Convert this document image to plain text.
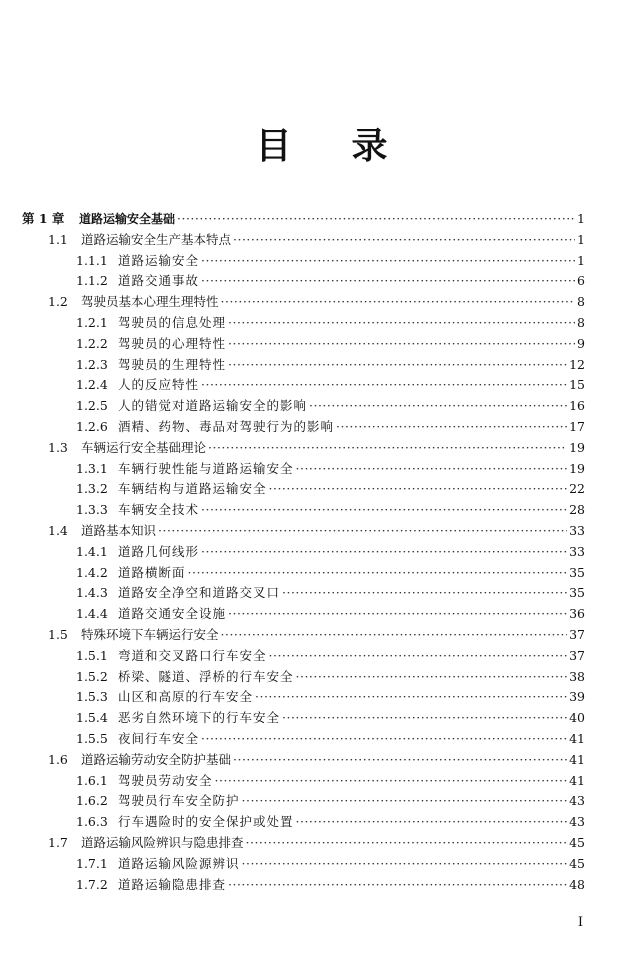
目 录
第 1 章	道路运输安全基础 ·····	1
1.1	道路运输安全生产基本特点 ·····	1
1.1.1 道路运输安全 ·····	1
1.1.2 道路交通事故 ·····	6
1.2	驾驶员基本心理生理特性 ·····	8
1.2.1 驾驶员的信息处理 ·····	8
1.2.2 驾驶员的心理特性 ·····	9
1.2.3 驾驶员的生理特性 ·····	12
1.2.4 人的反应特性 ·····	15
1.2.5 人的错觉对道路运输安全的影响 ·····	16
1.2.6 酒精、药物、毒品对驾驶行为的影响 ·····	17
1.3	车辆运行安全基础理论 ·····	19
1.3.1 车辆行驶性能与道路运输安全 ·····	19
1.3.2 车辆结构与道路运输安全 ·····	22
1.3.3 车辆安全技术 ·····	28
1.4	道路基本知识 ·····	33
1.4.1 道路几何线形 ·····	33
1.4.2 道路横断面 ·····	35
1.4.3 道路安全净空和道路交叉口 ·····	35
1.4.4 道路交通安全设施 ·····	36
1.5	特殊环境下车辆运行安全 ·····	37
1.5.1 弯道和交叉路口行车安全 ·····	37
1.5.2 桥梁、隧道、浮桥的行车安全 ·····	38
1.5.3 山区和高原的行车安全 ·····	39
1.5.4 恶劣自然环境下的行车安全 ·····	40
1.5.5 夜间行车安全 ·····	41
1.6	道路运输劳动安全防护基础 ·····	41
1.6.1 驾驶员劳动安全 ·····	41
1.6.2 驾驶员行车安全防护 ·····	43
1.6.3 行车遇险时的安全保护或处置 ·····	43
1.7	道路运输风险辨识与隐患排查 ·····	45
1.7.1 道路运输风险源辨识 ·····	45
1.7.2 道路运输隐患排查 ·····	48
I
